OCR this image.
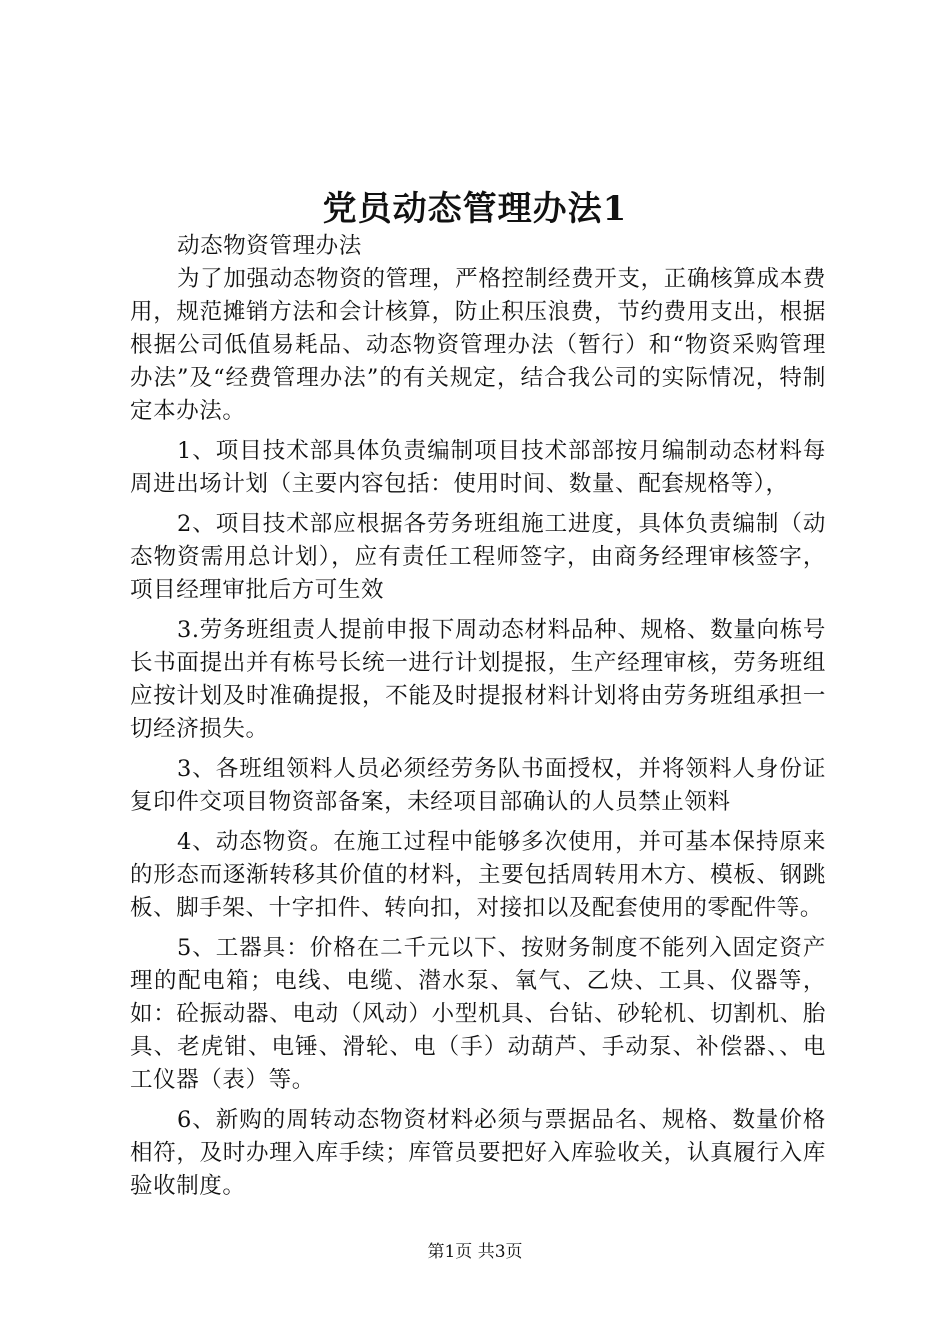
党员动态管理办法1

动态物资管理办法

为了加强动态物资的管理，严格控制经费开支，正确核算成本费用，规范摊销方法和会计核算，防止积压浪费，节约费用支出，根据根据公司低值易耗品、动态物资管理办法（暂行）和“物资采购管理办法”及“经费管理办法”的有关规定，结合我公司的实际情况，特制定本办法。

1、项目技术部具体负责编制项目技术部部按月编制动态材料每周进出场计划（主要内容包括：使用时间、数量、配套规格等），

2、项目技术部应根据各劳务班组施工进度，具体负责编制（动态物资需用总计划），应有责任工程师签字，由商务经理审核签字，项目经理审批后方可生效

3.劳务班组责人提前申报下周动态材料品种、规格、数量向栋号长书面提出并有栋号长统一进行计划提报，生产经理审核，劳务班组应按计划及时准确提报，不能及时提报材料计划将由劳务班组承担一切经济损失。

3、各班组领料人员必须经劳务队书面授权，并将领料人身份证复印件交项目物资部备案，未经项目部确认的人员禁止领料

4、动态物资。在施工过程中能够多次使用，并可基本保持原来的形态而逐渐转移其价值的材料，主要包括周转用木方、模板、钢跳板、脚手架、十字扣件、转向扣，对接扣以及配套使用的零配件等。

5、工器具：价格在二千元以下、按财务制度不能列入固定资产理的配电箱；电线、电缆、潜水泵、氧气、乙炔、工具、仪器等，如：砼振动器、电动（风动）小型机具、台钻、砂轮机、切割机、胎具、老虎钳、电锤、滑轮、电（手）动葫芦、手动泵、补偿器、、电工仪器（表）等。

6、新购的周转动态物资材料必须与票据品名、规格、数量价格相符，及时办理入库手续；库管员要把好入库验收关，认真履行入库验收制度。

第1页 共3页
